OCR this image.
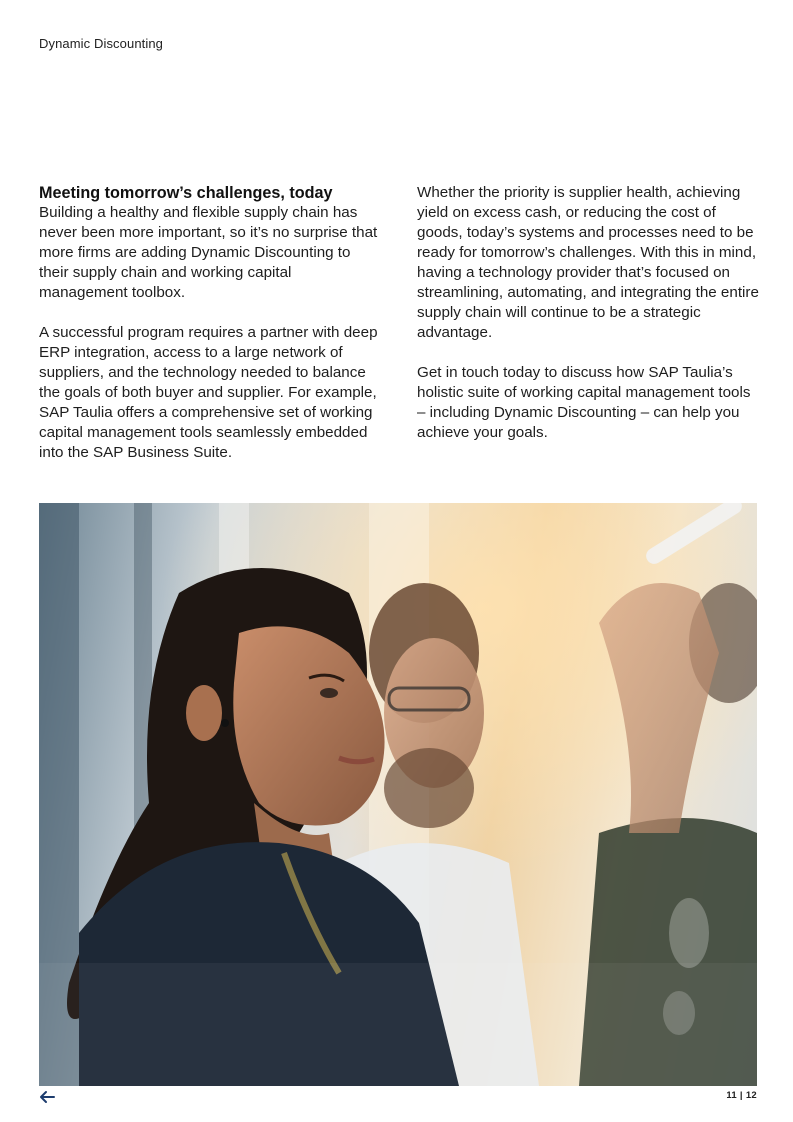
Dynamic Discounting
Meeting tomorrow’s challenges, today

Building a healthy and flexible supply chain has never been more important, so it’s no surprise that more firms are adding Dynamic Discounting to their supply chain and working capital management toolbox.

A successful program requires a partner with deep ERP integration, access to a large network of suppliers, and the technology needed to balance the goals of both buyer and supplier. For example, SAP Taulia offers a comprehensive set of working capital management tools seamlessly embedded into the SAP Business Suite.

Whether the priority is supplier health, achieving yield on excess cash, or reducing the cost of goods, today’s systems and processes need to be ready for tomorrow’s challenges. With this in mind, having a technology provider that’s focused on streamlining, automating, and integrating the entire supply chain will continue to be a strategic advantage.

Get in touch today to discuss how SAP Taulia’s holistic suite of working capital management tools – including Dynamic Discounting – can help you achieve your goals.

11 | 12
